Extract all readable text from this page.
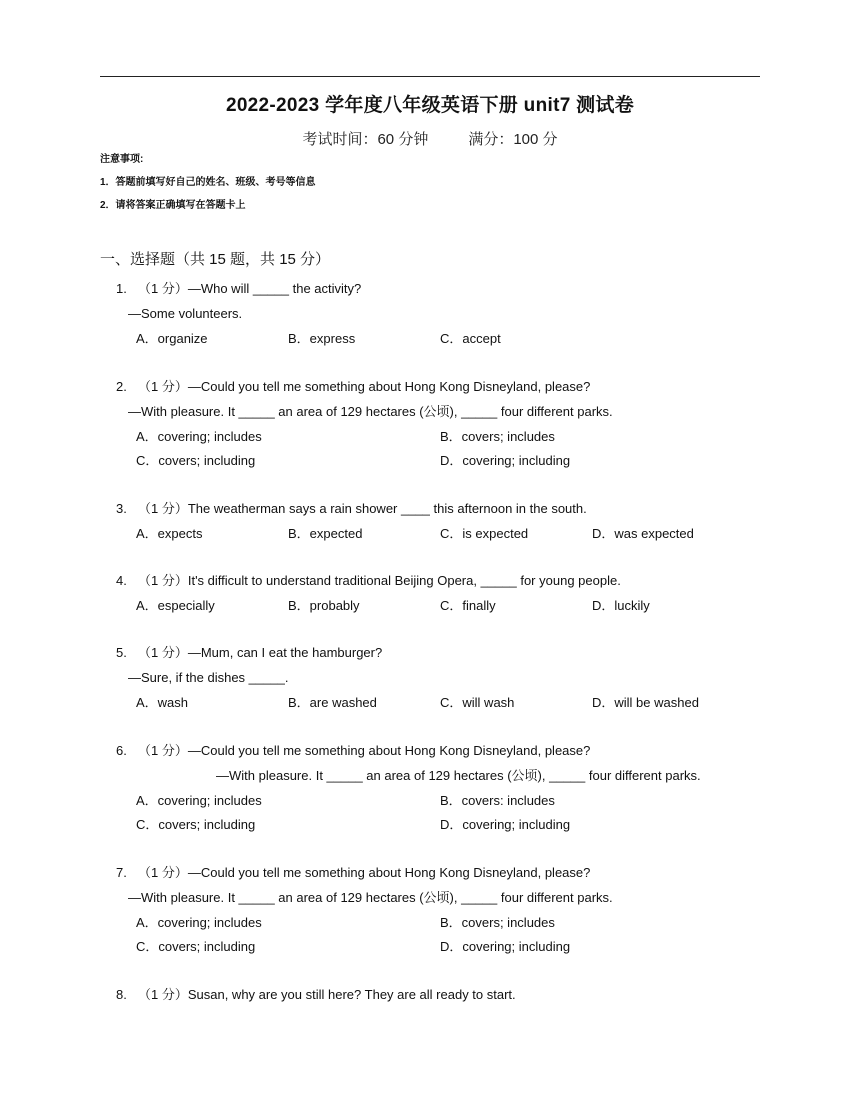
2022-2023 学年度八年级英语下册 unit7 测试卷
考试时间：60 分钟	满分：100 分
注意事项:
1．答题前填写好自己的姓名、班级、考号等信息
2．请将答案正确填写在答题卡上
一、选择题（共 15 题，共 15 分）
1. （1 分）—Who will _____ the activity?
—Some volunteers.
A．organize	B．express	C．accept
2. （1 分）—Could you tell me something about Hong Kong Disneyland, please?
—With pleasure. It _____ an area of 129 hectares (公顷), _____ four different parks.
A．covering; includes	B．covers; includes
C．covers; including	D．covering; including
3. （1 分）The weatherman says a rain shower ____ this afternoon in the south.
A．expects	B．expected	C．is expected	D．was expected
4. （1 分）It's difficult to understand traditional Beijing Opera, _____ for young people.
A．especially	B．probably	C．finally	D．luckily
5. （1 分）—Mum, can I eat the hamburger?
—Sure, if the dishes _____.
A．wash	B．are washed	C．will wash	D．will be washed
6. （1 分）—Could you tell me something about Hong Kong Disneyland, please?
—With pleasure. It _____ an area of 129 hectares (公顷), _____ four different parks.
A．covering; includes	B．covers: includes
C．covers; including	D．covering; including
7. （1 分）—Could you tell me something about Hong Kong Disneyland, please?
—With pleasure. It _____ an area of 129 hectares (公顷), _____ four different parks.
A．covering; includes	B．covers; includes
C．covers; including	D．covering; including
8. （1 分）Susan, why are you still here? They are all ready to start.
